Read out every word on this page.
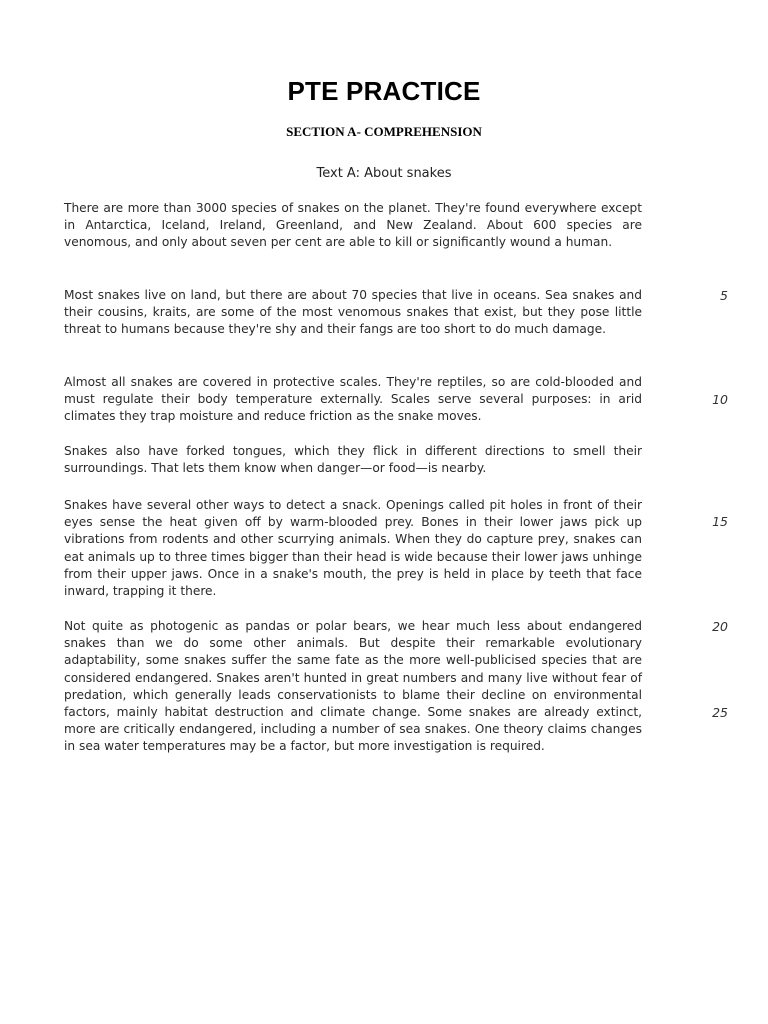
PTE PRACTICE
SECTION A- COMPREHENSION
Text A: About snakes

There are more than 3000 species of snakes on the planet. They're found everywhere except in Antarctica, Iceland, Ireland, Greenland, and New Zealand. About 600 species are venomous, and only about seven per cent are able to kill or significantly wound a human.

Most snakes live on land, but there are about 70 species that live in oceans. Sea snakes and their cousins, kraits, are some of the most venomous snakes that exist, but they pose little threat to humans because they're shy and their fangs are too short to do much damage.

Almost all snakes are covered in protective scales. They're reptiles, so are cold-blooded and must regulate their body temperature externally. Scales serve several purposes: in arid climates they trap moisture and reduce friction as the snake moves.

Snakes also have forked tongues, which they flick in different directions to smell their surroundings. That lets them know when danger—or food—is nearby.

Snakes have several other ways to detect a snack. Openings called pit holes in front of their eyes sense the heat given off by warm-blooded prey. Bones in their lower jaws pick up vibrations from rodents and other scurrying animals. When they do capture prey, snakes can eat animals up to three times bigger than their head is wide because their lower jaws unhinge from their upper jaws. Once in a snake's mouth, the prey is held in place by teeth that face inward, trapping it there.

Not quite as photogenic as pandas or polar bears, we hear much less about endangered snakes than we do some other animals. But despite their remarkable evolutionary adaptability, some snakes suffer the same fate as the more well-publicised species that are considered endangered. Snakes aren't hunted in great numbers and many live without fear of predation, which generally leads conservationists to blame their decline on environmental factors, mainly habitat destruction and climate change. Some snakes are already extinct, more are critically endangered, including a number of sea snakes. One theory claims changes in sea water temperatures may be a factor, but more investigation is required.

5
10
15
20
25
